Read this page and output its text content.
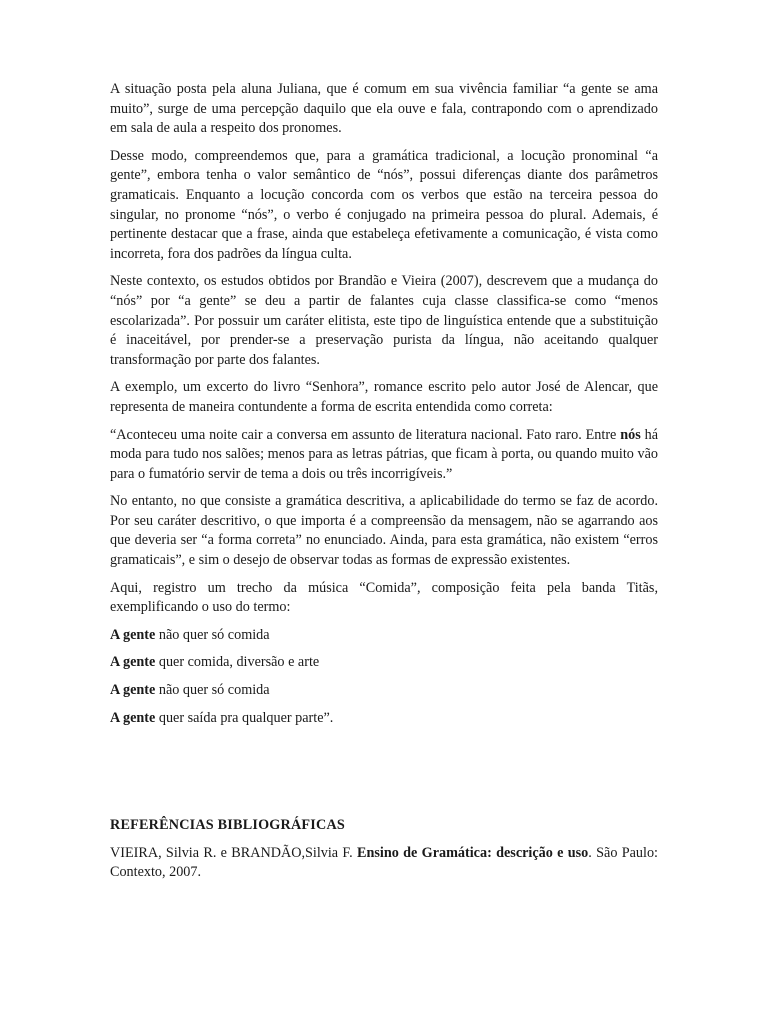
A situação posta pela aluna Juliana, que é comum em sua vivência familiar “a gente se ama muito”, surge de uma percepção daquilo que ela ouve e fala, contrapondo com o aprendizado em sala de aula a respeito dos pronomes.

Desse modo, compreendemos que, para a gramática tradicional, a locução pronominal “a gente”, embora tenha o valor semântico de “nós”, possui diferenças diante dos parâmetros gramaticais. Enquanto a locução concorda com os verbos que estão na terceira pessoa do singular, no pronome “nós”, o verbo é conjugado na primeira pessoa do plural. Ademais, é pertinente destacar que a frase, ainda que estabeleça efetivamente a comunicação, é vista como incorreta, fora dos padrões da língua culta.

Neste contexto, os estudos obtidos por Brandão e Vieira (2007), descrevem que a mudança do “nós” por “a gente” se deu a partir de falantes cuja classe classifica-se como “menos escolarizada”. Por possuir um caráter elitista, este tipo de linguística entende que a substituição é inaceitável, por prender-se a preservação purista da língua, não aceitando qualquer transformação por parte dos falantes.

A exemplo, um excerto do livro “Senhora”, romance escrito pelo autor José de Alencar, que representa de maneira contundente a forma de escrita entendida como correta:

“Aconteceu uma noite cair a conversa em assunto de literatura nacional. Fato raro. Entre nós há moda para tudo nos salões; menos para as letras pátrias, que ficam à porta, ou quando muito vão para o fumatório servir de tema a dois ou três incorrigíveis.”

No entanto, no que consiste a gramática descritiva, a aplicabilidade do termo se faz de acordo. Por seu caráter descritivo, o que importa é a compreensão da mensagem, não se agarrando aos que deveria ser “a forma correta” no enunciado. Ainda, para esta gramática, não existem “erros gramaticais”, e sim o desejo de observar todas as formas de expressão existentes.

Aqui, registro um trecho da música “Comida”, composição feita pela banda Titãs, exemplificando o uso do termo:

A gente não quer só comida

A gente quer comida, diversão e arte

A gente não quer só comida

A gente quer saída pra qualquer parte”.

REFERÊNCIAS BIBLIOGRÁFICAS

VIEIRA, Silvia R. e BRANDÃO,Silvia F. Ensino de Gramática: descrição e uso. São Paulo: Contexto, 2007.
